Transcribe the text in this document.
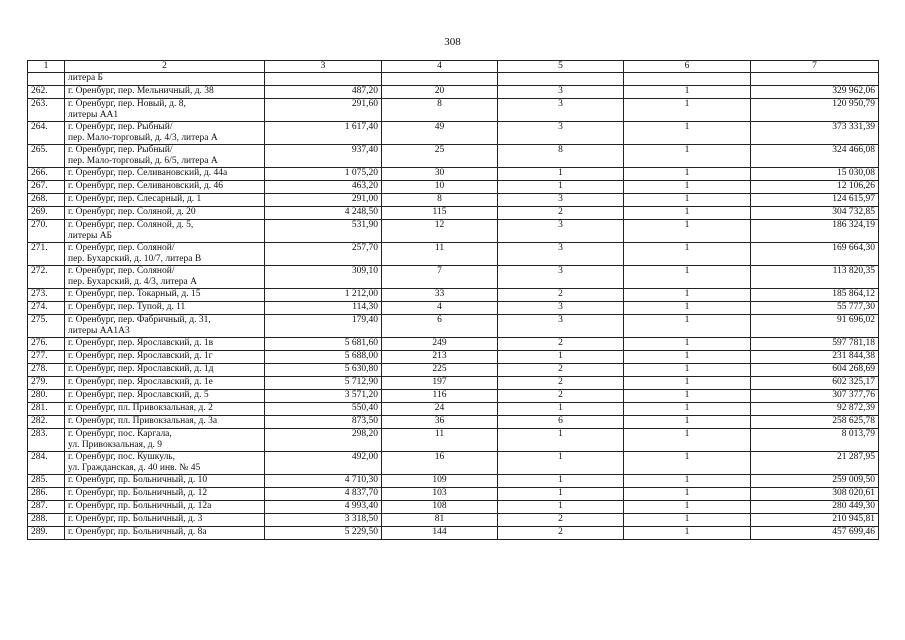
308
1	2	3	4	5	6	7

	литера Б					

262.	г. Оренбург, пер. Мельничный, д. 38	487,20	20	3	1	329 962,06
263.	г. Оренбург, пер. Новый, д. 8,
литеры АА1	291,60	8	3	1	120 950,79
264.	г. Оренбург, пер. Рыбный/
пер. Мало-торговый, д. 4/3, литера А	1 617,40	49	3	1	373 331,39
265.	г. Оренбург, пер. Рыбный/
пер. Мало-торговый, д. 6/5, литера А	937,40	25	8	1	324 466,08
266.	г. Оренбург, пер. Селивановский, д. 44а	1 075,20	30	1	1	15 030,08
267.	г. Оренбург, пер. Селивановский, д. 46	463,20	10	1	1	12 106,26
268.	г. Оренбург, пер. Слесарный, д. 1	291,00	8	3	1	124 615,97
269.	г. Оренбург, пер. Соляной, д. 20	4 248,50	115	2	1	304 732,85
270.	г. Оренбург, пер. Соляной, д. 5,
литеры АБ	531,90	12	3	1	186 324,19
271.	г. Оренбург, пер. Соляной/
пер. Бухарский, д. 10/7, литера В	257,70	11	3	1	169 664,30
272.	г. Оренбург, пер. Соляной/
пер. Бухарский, д. 4/3, литера А	309,10	7	3	1	113 820,35
273.	г. Оренбург, пер. Токарный, д. 15	1 212,00	33	2	1	185 864,12
274.	г. Оренбург, пер. Тупой, д. 11	114,30	4	3	1	55 777,30
275.	г. Оренбург, пер. Фабричный, д. 31,
литеры АА1А3	179,40	6	3	1	91 696,02
276.	г. Оренбург, пер. Ярославский, д. 1в	5 681,60	249	2	1	597 781,18
277.	г. Оренбург, пер. Ярославский, д. 1г	5 688,00	213	1	1	231 844,38
278.	г. Оренбург, пер. Ярославский, д. 1д	5 630,80	225	2	1	604 268,69
279.	г. Оренбург, пер. Ярославский, д. 1е	5 712,90	197	2	1	602 325,17
280.	г. Оренбург, пер. Ярославский, д. 5	3 571,20	116	2	1	307 377,76
281.	г. Оренбург, пл. Привокзальная, д. 2	550,40	24	1	1	92 872,39
282.	г. Оренбург, пл. Привокзальная, д. 3а	873,50	36	6	1	258 625,78
283.	г. Оренбург, пос. Каргала,
ул. Привокзальная, д. 9	298,20	11	1	1	8 013,79
284.	г. Оренбург, пос. Кушкуль,
ул. Гражданская, д. 40 инв. № 45	492,00	16	1	1	21 287,95
285.	г. Оренбург, пр. Больничный, д. 10	4 710,30	109	1	1	259 009,50
286.	г. Оренбург, пр. Больничный, д. 12	4 837,70	103	1	1	308 020,61
287.	г. Оренбург, пр. Больничный, д. 12а	4 993,40	108	1	1	280 449,30
288.	г. Оренбург, пр. Больничный, д. 3	3 318,50	81	2	1	210 945,81
289.	г. Оренбург, пр. Больничный, д. 8а	5 229,50	144	2	1	457 699,46
